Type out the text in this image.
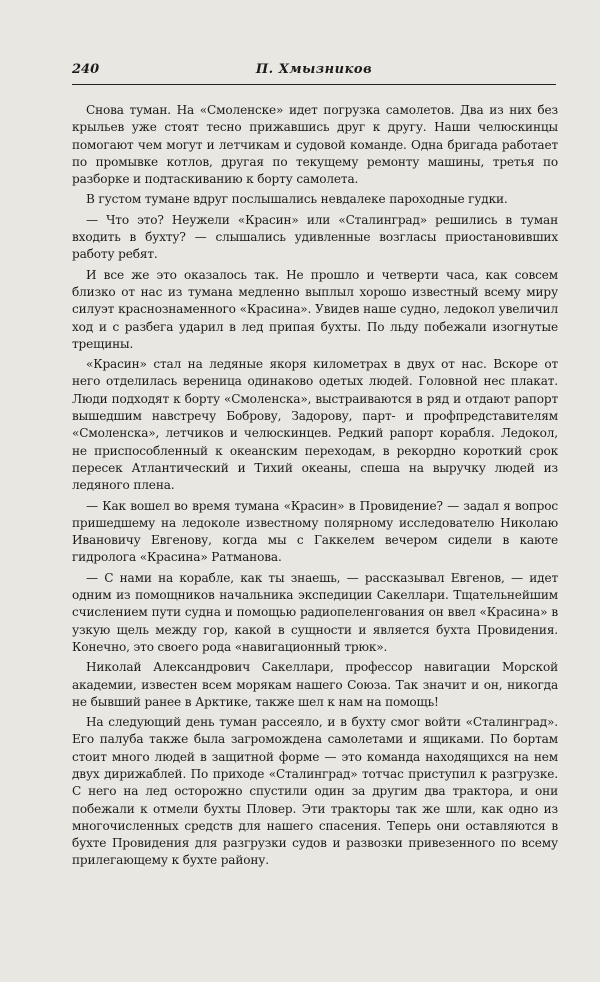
240	П. Хмызников

Снова туман. На «Смоленске» идет погрузка самолетов. Два из них без крыльев уже стоят тесно прижавшись друг к другу. Наши челюскинцы помогают чем могут и летчикам и судовой команде. Одна бригада работает по промывке котлов, другая по текущему ремонту машины, третья по разборке и подтаскиванию к борту самолета.

В густом тумане вдруг послышались невдалеке пароходные гудки.

— Что это? Неужели «Красин» или «Сталинград» решились в туман входить в бухту? — слышались удивленные возгласы приостановивших работу ребят.

И все же это оказалось так. Не прошло и четверти часа, как совсем близко от нас из тумана медленно выплыл хорошо известный всему миру силуэт краснознаменного «Красина». Увидев наше судно, ледокол увеличил ход и с разбега ударил в лед припая бухты. По льду побежали изогнутые трещины.

«Красин» стал на ледяные якоря километрах в двух от нас. Вскоре от него отделилась вереница одинаково одетых людей. Головной нес плакат. Люди подходят к борту «Смоленска», выстраиваются в ряд и отдают рапорт вышедшим навстречу Боброву, Задорову, парт- и профпредставителям «Смоленска», летчиков и челюскинцев. Редкий рапорт корабля. Ледокол, не приспособленный к океанским переходам, в рекордно короткий срок пересек Атлантический и Тихий океаны, спеша на выручку людей из ледяного плена.

— Как вошел во время тумана «Красин» в Провидение? — задал я вопрос пришедшему на ледоколе известному полярному исследователю Николаю Ивановичу Евгенову, когда мы с Гаккелем вечером сидели в каюте гидролога «Красина» Ратманова.

— С нами на корабле, как ты знаешь, — рассказывал Евгенов, — идет одним из помощников начальника экспедиции Сакеллари. Тщательнейшим счислением пути судна и помощью радиопеленгования он ввел «Красина» в узкую щель между гор, какой в сущности и является бухта Провидения. Конечно, это своего рода «навигационный трюк».

Николай Александрович Сакеллари, профессор навигации Морской академии, известен всем морякам нашего Союза. Так значит и он, никогда не бывший ранее в Арктике, также шел к нам на помощь!

На следующий день туман рассеяло, и в бухту смог войти «Сталинград». Его палуба также была загромождена самолетами и ящиками. По бортам стоит много людей в защитной форме — это команда находящихся на нем двух дирижаблей. По приходе «Сталинград» тотчас приступил к разгрузке. С него на лед осторожно спустили один за другим два трактора, и они побежали к отмели бухты Пловер. Эти тракторы так же шли, как одно из многочисленных средств для нашего спасения. Теперь они оставляются в бухте Провидения для разгрузки судов и развозки привезенного по всему прилегающему к бухте району.
